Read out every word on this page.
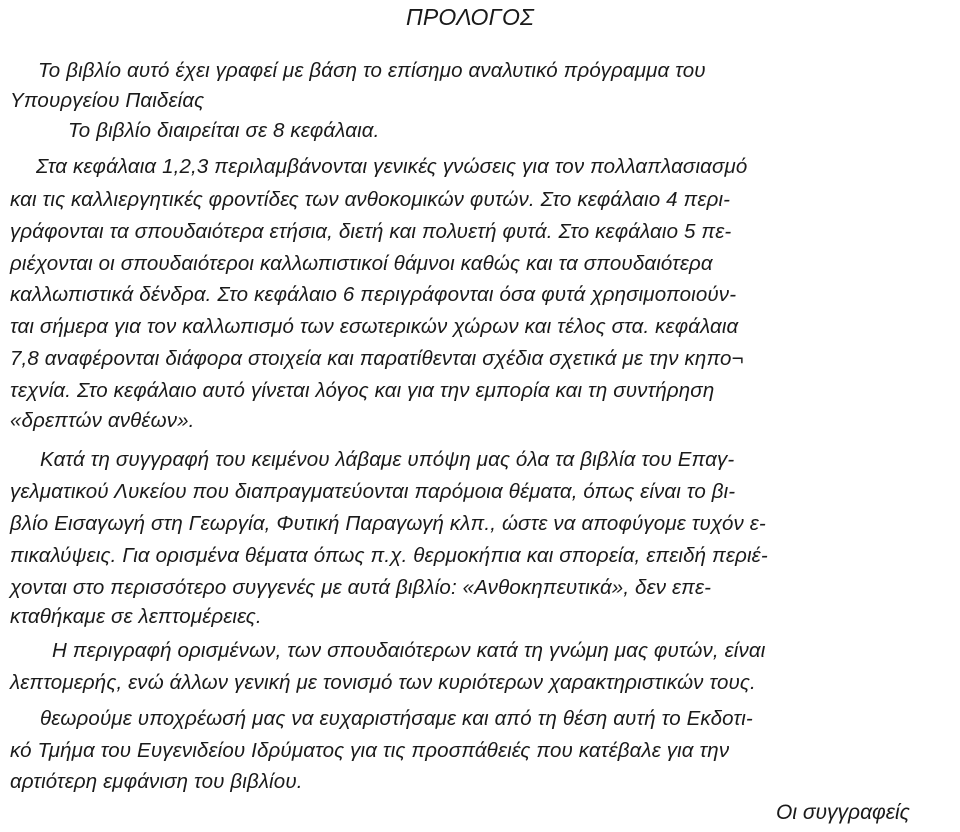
ΠΡΟΛΟΓΟΣ
Το βιβλίο αυτό έχει γραφεί με βάση το επίσημο αναλυτικό πρόγραμμα του
Υπουργείου Παιδείας
Το βιβλίο διαιρείται σε 8 κεφάλαια.
Στα κεφάλαια 1,2,3 περιλαμβάνονται γενικές γνώσεις για τον πολλαπλασιασμό
και τις καλλιεργητικές φροντίδες των ανθοκομικών φυτών. Στο κεφάλαιο 4 περι-
γράφονται τα σπουδαιότερα ετήσια, διετή και πολυετή φυτά. Στο κεφάλαιο 5 πε-
ριέχονται οι σπουδαιότεροι καλλωπιστικοί θάμνοι καθώς και τα σπουδαιότερα
καλλωπιστικά δένδρα. Στο κεφάλαιο 6 περιγράφονται όσα φυτά χρησιμοποιούν-
ται σήμερα για τον καλλωπισμό των εσωτερικών χώρων και τέλος στα. κεφάλαια
7,8 αναφέρονται διάφορα στοιχεία και παρατίθενται σχέδια σχετικά με την κηπο¬
τεχνία. Στο κεφάλαιο αυτό γίνεται λόγος και για την εμπορία και τη συντήρηση
«δρεπτών ανθέων».
Κατά τη συγγραφή του κειμένου λάβαμε υπόψη μας όλα τα βιβλία του Επαγ-
γελματικού Λυκείου που διαπραγματεύονται παρόμοια θέματα, όπως είναι το βι-
βλίο Εισαγωγή στη Γεωργία, Φυτική Παραγωγή κλπ., ώστε να αποφύγομε τυχόν ε-
πικαλύψεις. Για ορισμένα θέματα όπως π.χ. θερμοκήπια και σπορεία, επειδή περιέ-
χονται στο περισσότερο συγγενές με αυτά βιβλίο: «Ανθοκηπευτικά», δεν επε-
κταθήκαμε σε λεπτομέρειες.
Η περιγραφή ορισμένων, των σπουδαιότερων κατά τη γνώμη μας φυτών, είναι
λεπτομερής, ενώ άλλων γενική με τονισμό των κυριότερων χαρακτηριστικών τους.
θεωρούμε υποχρέωσή μας να ευχαριστήσαμε και από τη θέση αυτή το Εκδοτι-
κό Τμήμα του Ευγενιδείου Ιδρύματος για τις προσπάθειές που κατέβαλε για την
αρτιότερη εμφάνιση του βιβλίου.
Οι συγγραφείς
